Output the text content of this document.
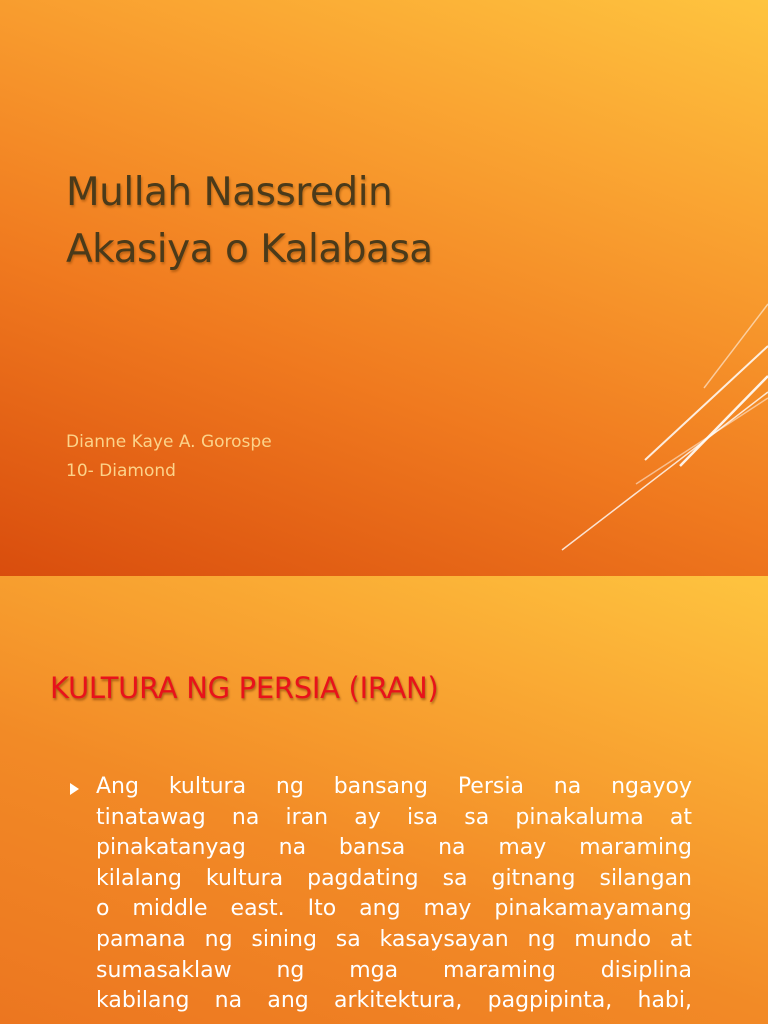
Mullah Nassredin
Akasiya o Kalabasa

Dianne Kaye A. Gorospe
10- Diamond

KULTURA NG PERSIA (IRAN)

Ang kultura ng bansang Persia na ngayoy

tinatawag na iran ay isa sa pinakaluma at

pinakatanyag na bansa na may maraming

kilalang kultura pagdating sa gitnang silangan

o middle east. Ito ang may pinakamayamang

pamana ng sining sa kasaysayan ng mundo at

sumasaklaw ng mga maraming disiplina

kabilang na ang arkitektura, pagpipinta, habi,
